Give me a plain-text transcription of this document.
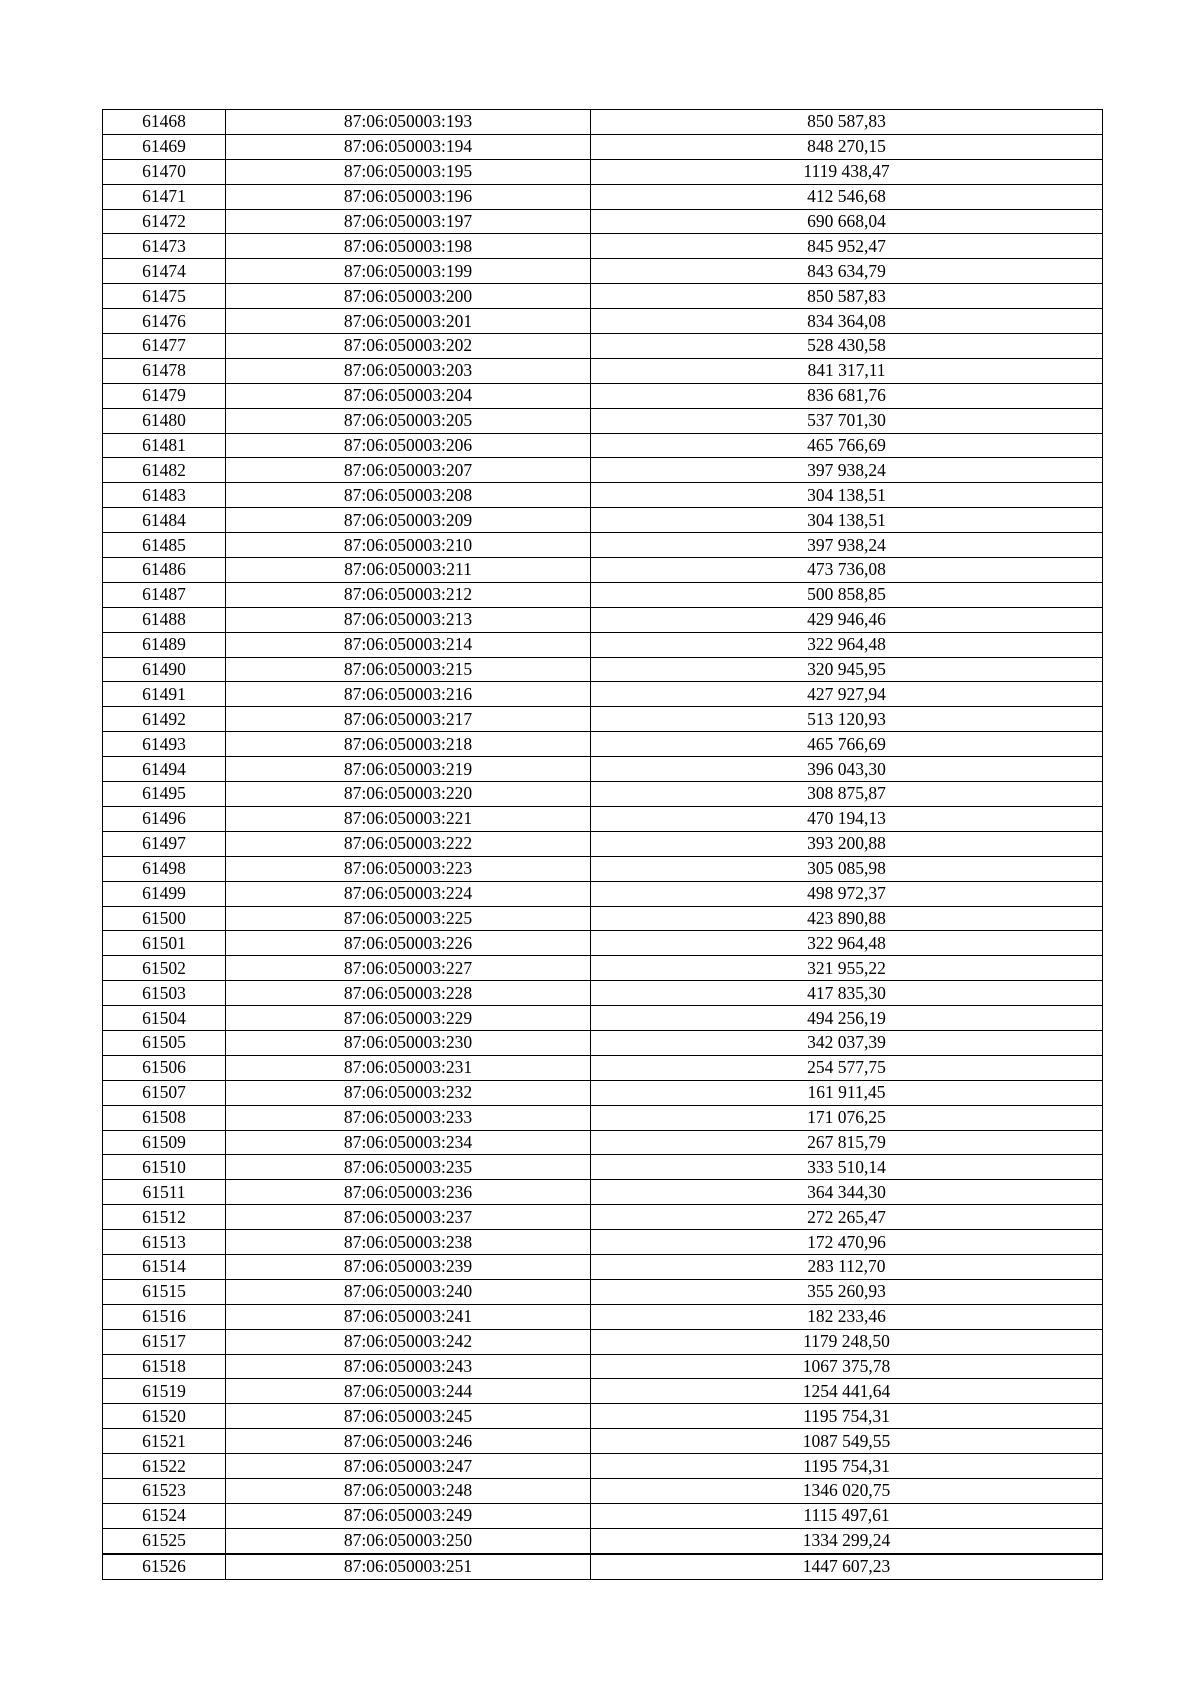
61468	87:06:050003:193	850 587,83
61469	87:06:050003:194	848 270,15
61470	87:06:050003:195	1119 438,47
61471	87:06:050003:196	412 546,68
61472	87:06:050003:197	690 668,04
61473	87:06:050003:198	845 952,47
61474	87:06:050003:199	843 634,79
61475	87:06:050003:200	850 587,83
61476	87:06:050003:201	834 364,08
61477	87:06:050003:202	528 430,58
61478	87:06:050003:203	841 317,11
61479	87:06:050003:204	836 681,76
61480	87:06:050003:205	537 701,30
61481	87:06:050003:206	465 766,69
61482	87:06:050003:207	397 938,24
61483	87:06:050003:208	304 138,51
61484	87:06:050003:209	304 138,51
61485	87:06:050003:210	397 938,24
61486	87:06:050003:211	473 736,08
61487	87:06:050003:212	500 858,85
61488	87:06:050003:213	429 946,46
61489	87:06:050003:214	322 964,48
61490	87:06:050003:215	320 945,95
61491	87:06:050003:216	427 927,94
61492	87:06:050003:217	513 120,93
61493	87:06:050003:218	465 766,69
61494	87:06:050003:219	396 043,30
61495	87:06:050003:220	308 875,87
61496	87:06:050003:221	470 194,13
61497	87:06:050003:222	393 200,88
61498	87:06:050003:223	305 085,98
61499	87:06:050003:224	498 972,37
61500	87:06:050003:225	423 890,88
61501	87:06:050003:226	322 964,48
61502	87:06:050003:227	321 955,22
61503	87:06:050003:228	417 835,30
61504	87:06:050003:229	494 256,19
61505	87:06:050003:230	342 037,39
61506	87:06:050003:231	254 577,75
61507	87:06:050003:232	161 911,45
61508	87:06:050003:233	171 076,25
61509	87:06:050003:234	267 815,79
61510	87:06:050003:235	333 510,14
61511	87:06:050003:236	364 344,30
61512	87:06:050003:237	272 265,47
61513	87:06:050003:238	172 470,96
61514	87:06:050003:239	283 112,70
61515	87:06:050003:240	355 260,93
61516	87:06:050003:241	182 233,46
61517	87:06:050003:242	1179 248,50
61518	87:06:050003:243	1067 375,78
61519	87:06:050003:244	1254 441,64
61520	87:06:050003:245	1195 754,31
61521	87:06:050003:246	1087 549,55
61522	87:06:050003:247	1195 754,31
61523	87:06:050003:248	1346 020,75
61524	87:06:050003:249	1115 497,61
61525	87:06:050003:250	1334 299,24
61526	87:06:050003:251	1447 607,23
